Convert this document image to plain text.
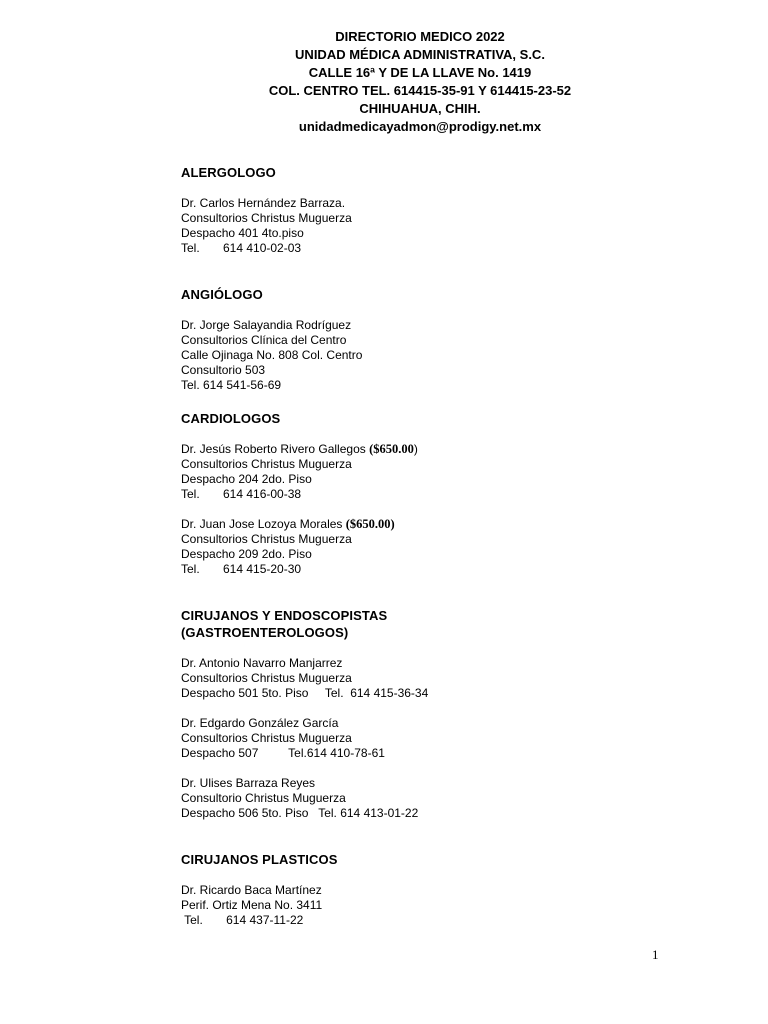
DIRECTORIO MEDICO 2022
UNIDAD MÉDICA ADMINISTRATIVA, S.C.
CALLE 16ª Y DE LA LLAVE No. 1419
COL. CENTRO TEL. 614415-35-91 Y 614415-23-52
CHIHUAHUA, CHIH.
unidadmedicayadmon@prodigy.net.mx
ALERGOLOGO
Dr. Carlos Hernández Barraza.
Consultorios Christus Muguerza
Despacho 401 4to.piso
Tel.       614 410-02-03
ANGIÓLOGO
Dr. Jorge Salayandia Rodríguez
Consultorios Clínica del Centro
Calle Ojinaga No. 808 Col. Centro
Consultorio 503
Tel. 614 541-56-69
CARDIOLOGOS
Dr. Jesús Roberto Rivero Gallegos ($650.00)
Consultorios Christus Muguerza
Despacho 204 2do. Piso
Tel.       614 416-00-38
Dr. Juan Jose Lozoya Morales ($650.00)
Consultorios Christus Muguerza
Despacho 209 2do. Piso
Tel.       614 415-20-30
CIRUJANOS Y ENDOSCOPISTAS
(GASTROENTEROLOGOS)
Dr. Antonio Navarro Manjarrez
Consultorios Christus Muguerza
Despacho 501 5to. Piso     Tel.  614 415-36-34
Dr. Edgardo González García
Consultorios Christus Muguerza
Despacho 507         Tel.614 410-78-61
Dr. Ulises Barraza Reyes
Consultorio Christus Muguerza
Despacho 506 5to. Piso   Tel. 614 413-01-22
CIRUJANOS PLASTICOS
Dr. Ricardo Baca Martínez
Perif. Ortiz Mena No. 3411
Tel.       614 437-11-22
1
